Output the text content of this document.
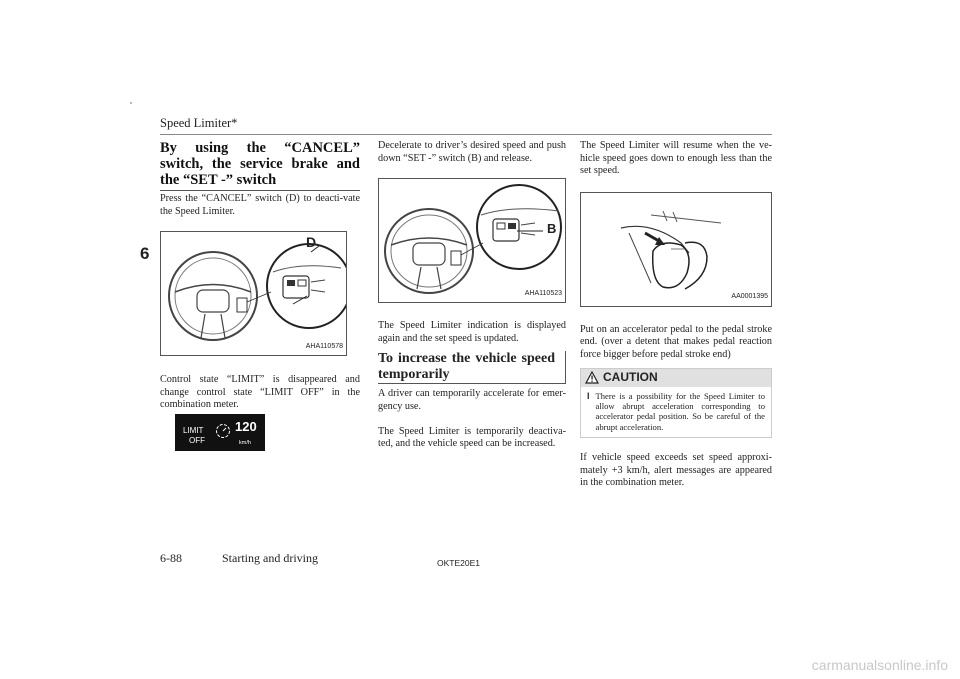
Speed Limiter*
6
By using the “CANCEL” switch, the service brake and the “SET -” switch

Press the “CANCEL” switch (D) to deacti-vate the Speed Limiter.

D
AHA110578

Control state “LIMIT” is disappeared and change control state “LIMIT OFF” in the combination meter.

LIMIT
OFF
120
km/h

Decelerate to driver’s desired speed and push down “SET -” switch (B) and release.

B
AHA110523

The Speed Limiter indication is displayed again and the set speed is updated.

To increase the vehicle speed temporarily

A driver can temporarily accelerate for emer-gency use.

The Speed Limiter is temporarily deactiva-ted, and the vehicle speed can be increased.

The Speed Limiter will resume when the ve-hicle speed goes down to enough less than the set speed.

AA0001395

Put on an accelerator pedal to the pedal stroke end. (over a detent that makes pedal reaction force bigger before pedal stroke end)

CAUTION
l There is a possibility for the Speed Limiter to allow abrupt acceleration corresponding to accelerator pedal position. So be careful of the abrupt acceleration.

If vehicle speed exceeds set speed approxi-mately +3 km/h, alert messages are appeared in the combination meter.

6-88	Starting and driving	OKTE20E1
carmanualsonline.info
